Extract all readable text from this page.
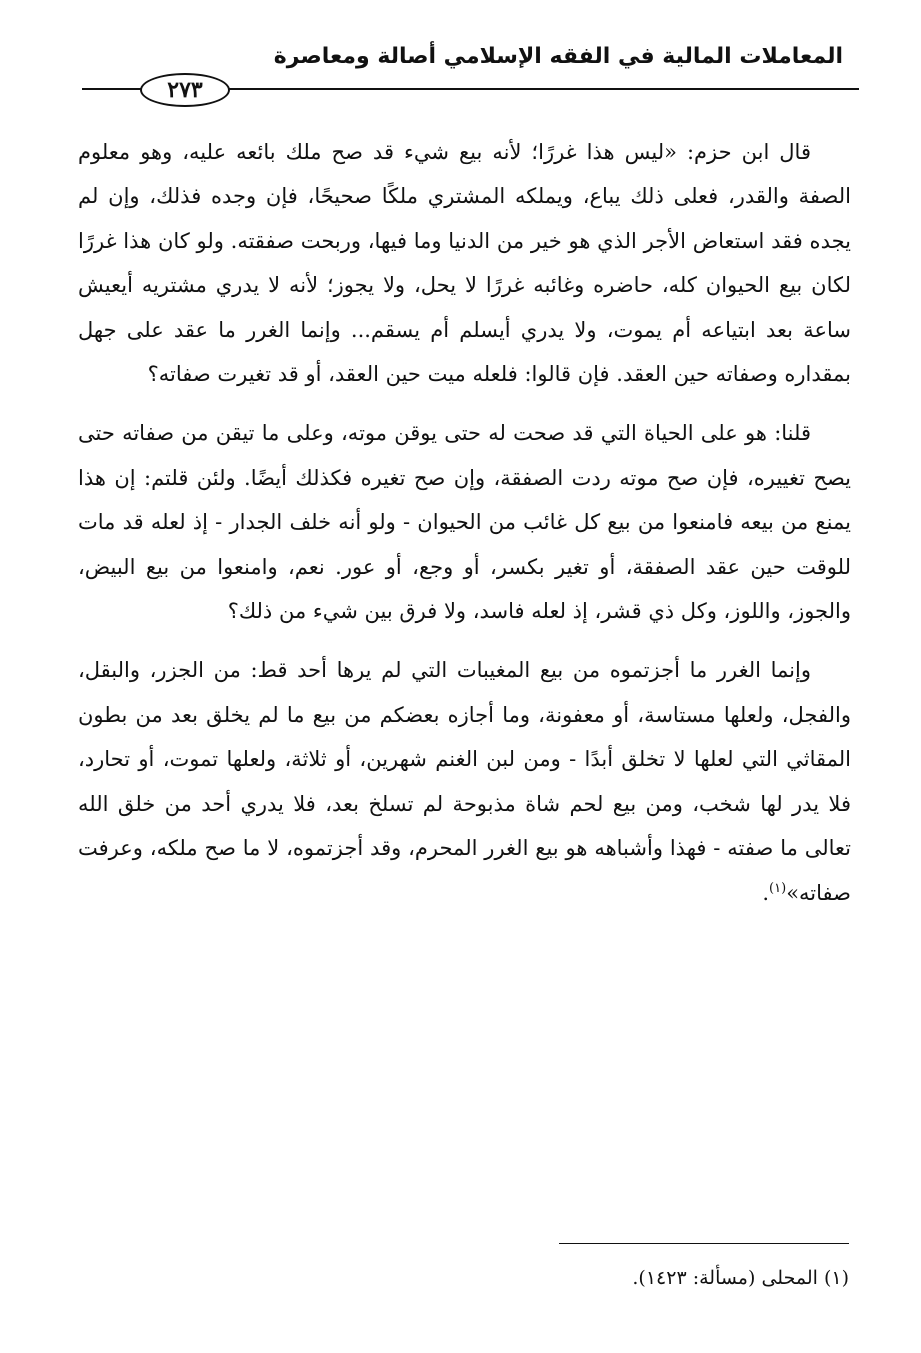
المعاملات المالية في الفقه الإسلامي أصالة ومعاصرة
٢٧٣

قال ابن حزم: «ليس هذا غررًا؛ لأنه بيع شيء قد صح ملك بائعه عليه، وهو معلوم الصفة والقدر، فعلى ذلك يباع، ويملكه المشتري ملكًا صحيحًا، فإن وجده فذلك، وإن لم يجده فقد استعاض الأجر الذي هو خير من الدنيا وما فيها، وربحت صفقته. ولو كان هذا غررًا لكان بيع الحيوان كله، حاضره وغائبه غررًا لا يحل، ولا يجوز؛ لأنه لا يدري مشتريه أيعيش ساعة بعد ابتياعه أم يموت، ولا يدري أيسلم أم يسقم... وإنما الغرر ما عقد على جهل بمقداره وصفاته حين العقد. فإن قالوا: فلعله ميت حين العقد، أو قد تغيرت صفاته؟

قلنا: هو على الحياة التي قد صحت له حتى يوقن موته، وعلى ما تيقن من صفاته حتى يصح تغييره، فإن صح موته ردت الصفقة، وإن صح تغيره فكذلك أيضًا. ولئن قلتم: إن هذا يمنع من بيعه فامنعوا من بيع كل غائب من الحيوان - ولو أنه خلف الجدار - إذ لعله قد مات للوقت حين عقد الصفقة، أو تغير بكسر، أو وجع، أو عور. نعم، وامنعوا من بيع البيض، والجوز، واللوز، وكل ذي قشر، إذ لعله فاسد، ولا فرق بين شيء من ذلك؟

وإنما الغرر ما أجزتموه من بيع المغيبات التي لم يرها أحد قط: من الجزر، والبقل، والفجل، ولعلها مستاسة، أو معفونة، وما أجازه بعضكم من بيع ما لم يخلق بعد من بطون المقاثي التي لعلها لا تخلق أبدًا - ومن لبن الغنم شهرين، أو ثلاثة، ولعلها تموت، أو تحارد، فلا يدر لها شخب، ومن بيع لحم شاة مذبوحة لم تسلخ بعد، فلا يدري أحد من خلق الله تعالى ما صفته - فهذا وأشباهه هو بيع الغرر المحرم، وقد أجزتموه، لا ما صح ملكه، وعرفت صفاته»$^{(١)}$.

(١) المحلى (مسألة: ١٤٢٣).
